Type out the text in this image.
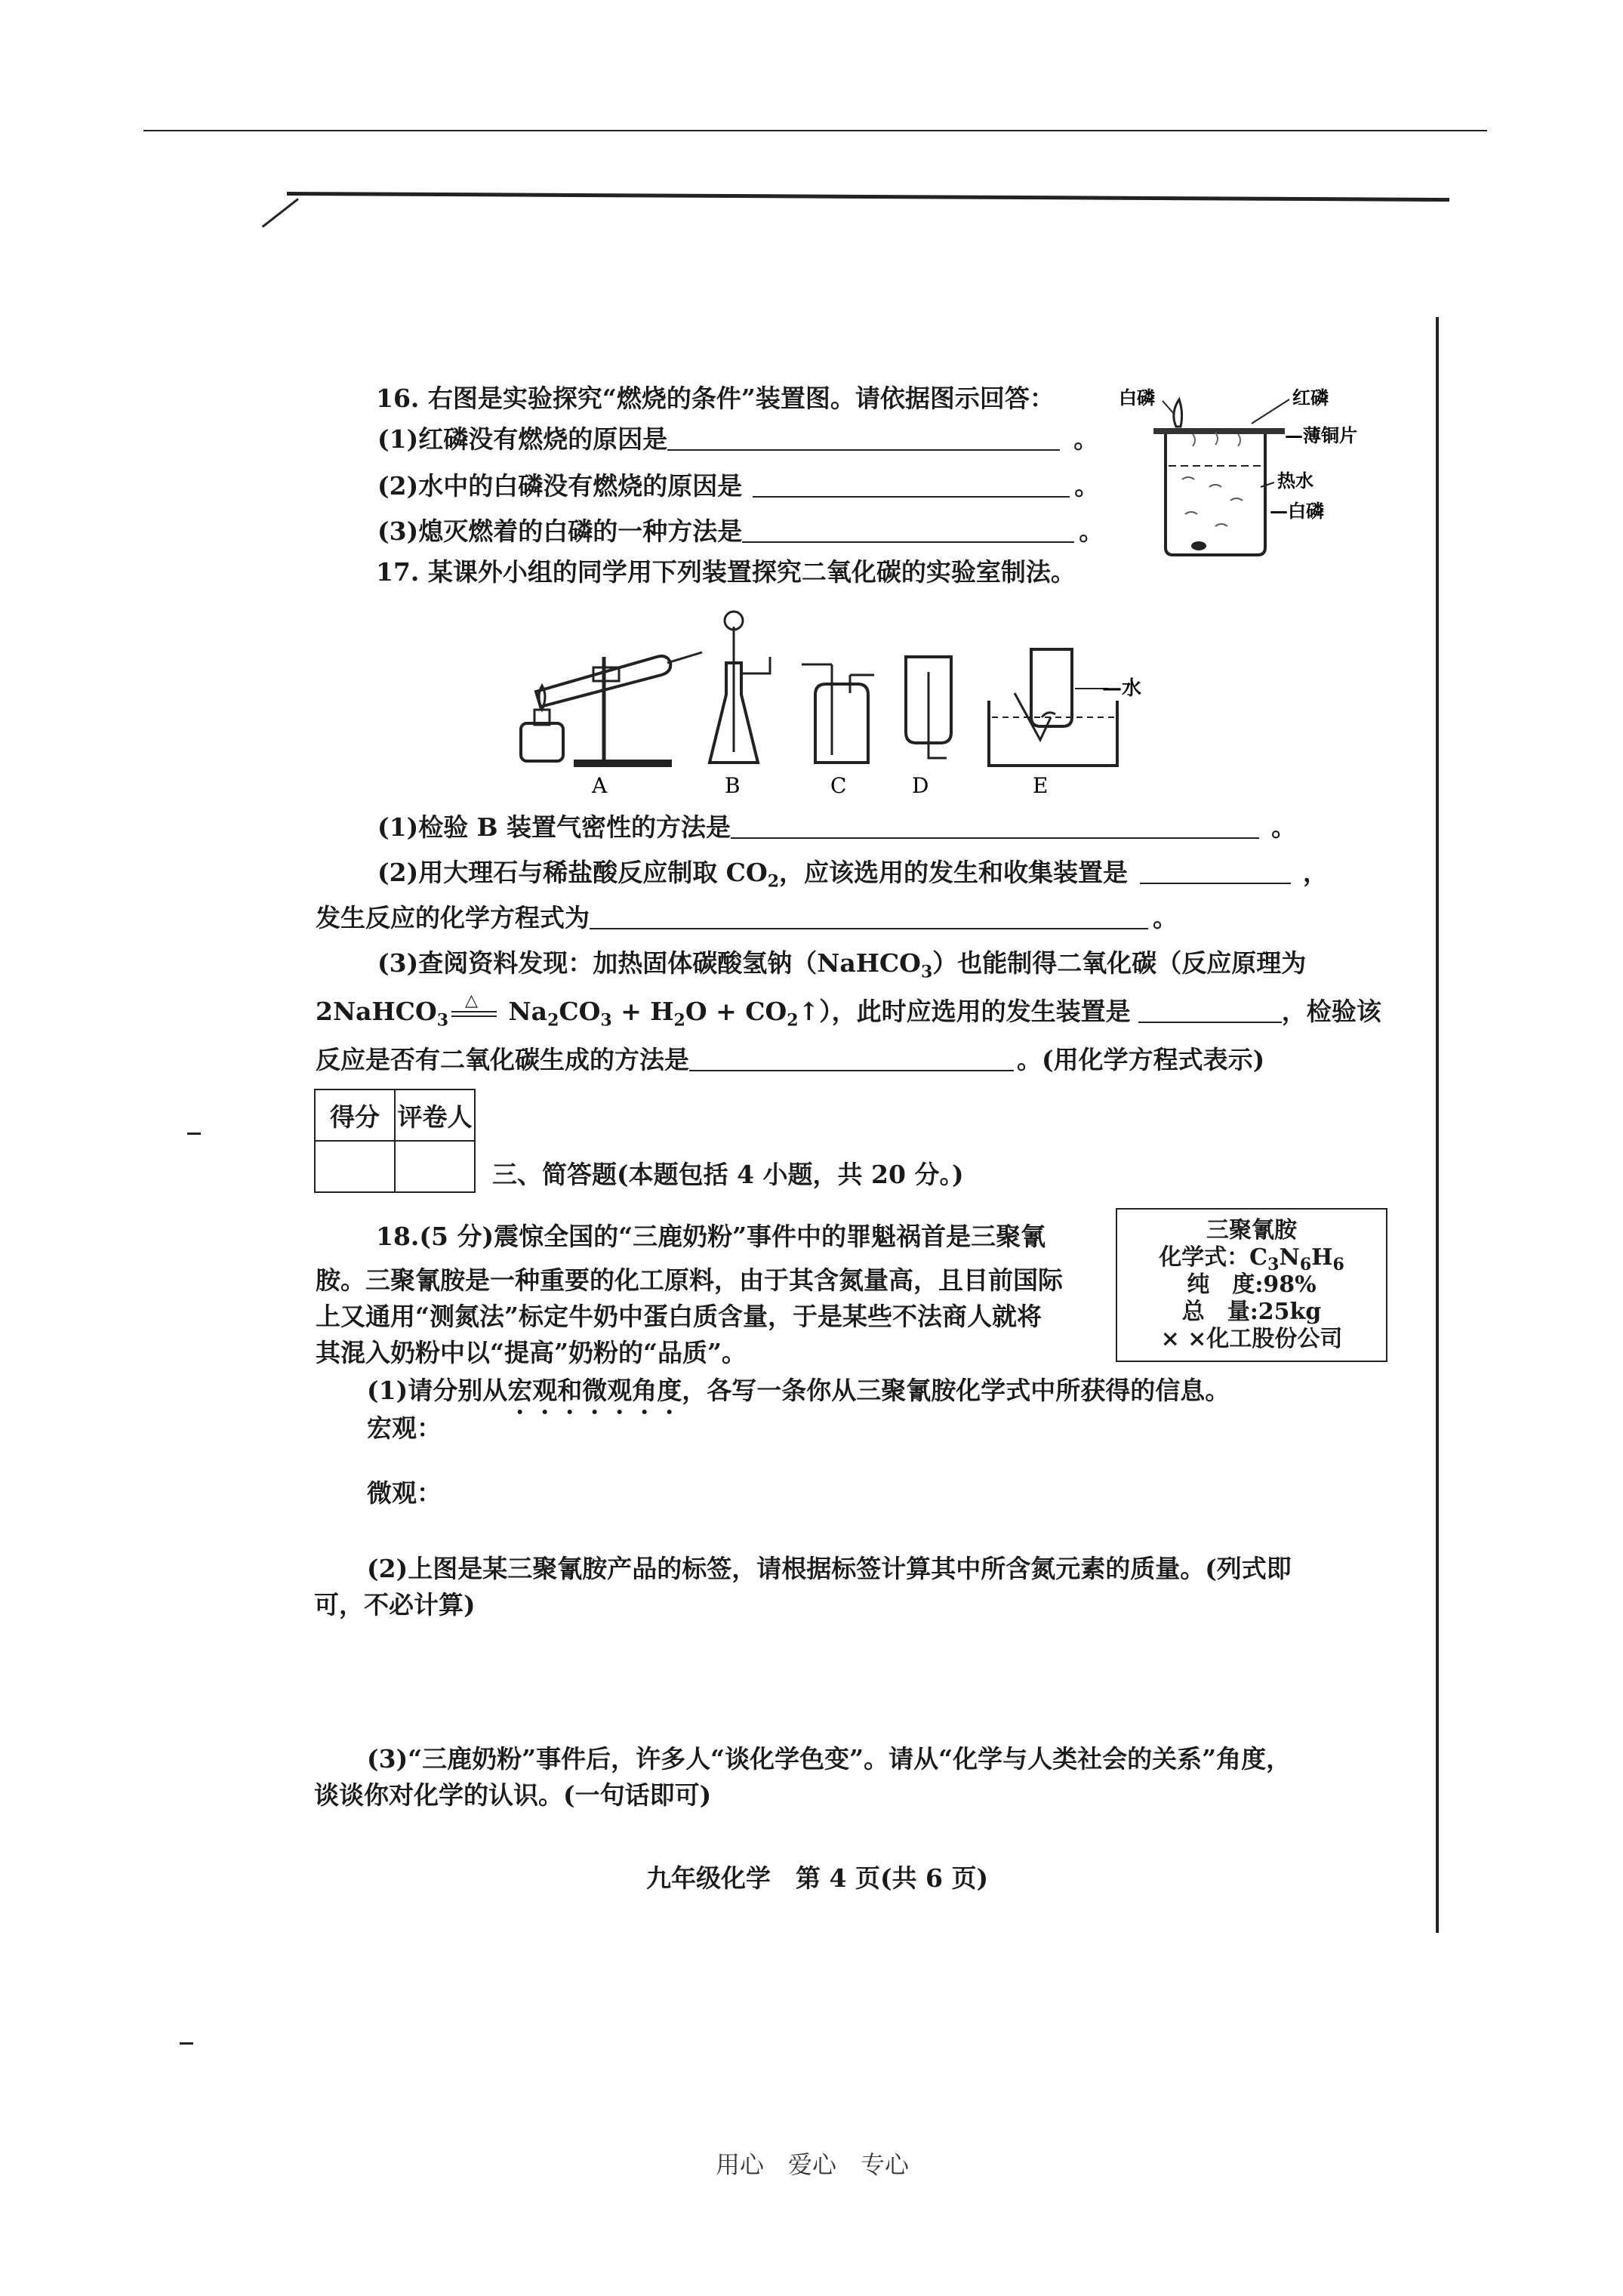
16. 右图是实验探究“燃烧的条件”装置图。请依据图示回答：
(1)红磷没有燃烧的原因是	。
(2)水中的白磷没有燃烧的原因是	。
(3)熄灭燃着的白磷的一种方法是	。
白磷	红磷
—薄铜片
热水
—白磷
17. 某课外小组的同学用下列装置探究二氧化碳的实验室制法。
A	B	C	D
—水
E
(1)检验 B 装置气密性的方法是	。
(2)用大理石与稀盐酸反应制取 $CO_2$，应该选用的发生和收集装置是	，
发生反应的化学方程式为	。
(3)查阅资料发现：加热固体碳酸氢钠（NaHCO$_3$）也能制得二氧化碳（反应原理为
2NaHCO$_3$
△ $Na_2CO_3 + H_2O$ + $CO_2↑$），此时应选用的发生装置是	，检验该
反应是否有二氧化碳生成的方法是	。(用化学方程式表示)
得分	评卷人

三、简答题(本题包括 4 小题，共 20 分。)
18.(5 分)震惊全国的“三鹿奶粉”事件中的罪魁祸首是三聚氰
胺。三聚氰胺是一种重要的化工原料，由于其含氮量高，且目前国际
上又通用“测氮法”标定牛奶中蛋白质含量，于是某些不法商人就将
其混入奶粉中以“提高”奶粉的“品质”。
三聚氰胺
化学式：$C_3N_6H_6$
纯　度:98%
总　量:25kg
× ×化工股份公司
(1)请分别从宏观和微观角度，各写一条你从三聚氰胺化学式中所获得的信息。
宏观：
微观：
(2)上图是某三聚氰胺产品的标签，请根据标签计算其中所含氮元素的质量。(列式即
可，不必计算)
(3)“三鹿奶粉”事件后，许多人“谈化学色变”。请从“化学与人类社会的关系”角度，
谈谈你对化学的认识。(一句话即可)
九年级化学　第 4 页(共 6 页)
用心　爱心　专心
